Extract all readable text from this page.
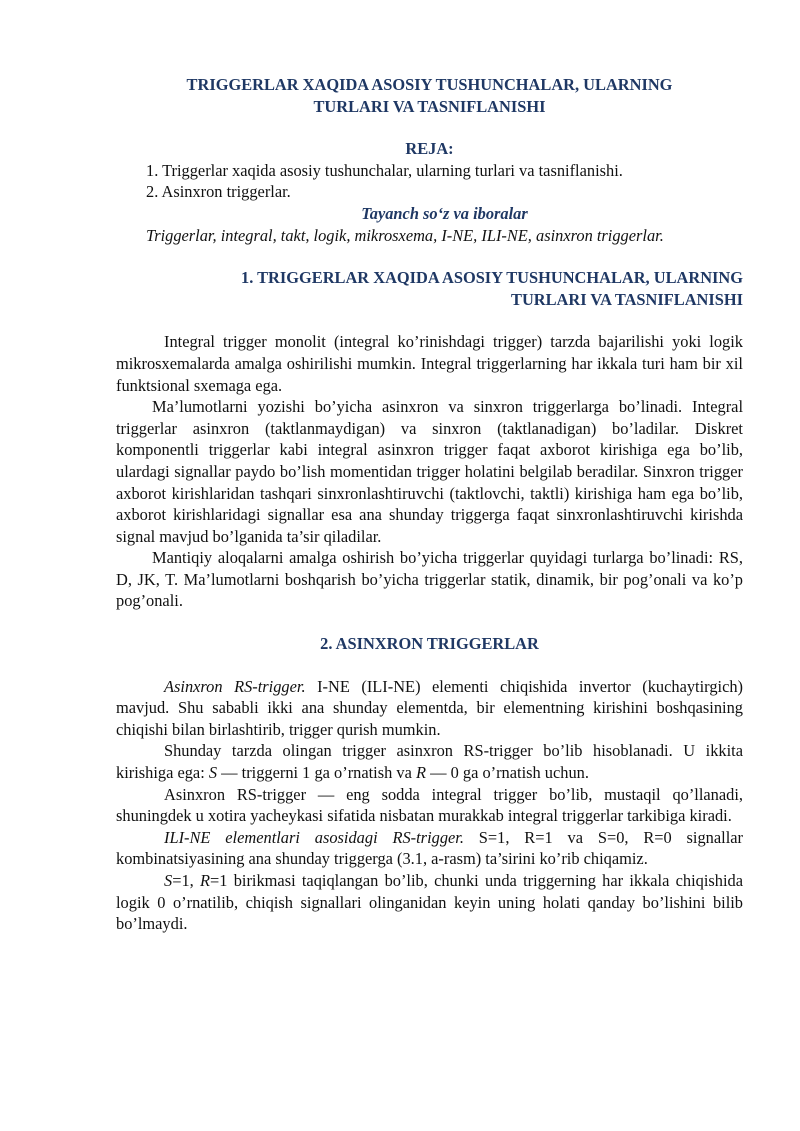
TRIGGERLAR XAQIDA ASOSIY TUSHUNCHALAR, ULARNING
TURLARI VA TASNIFLANISHI
REJA:

1. Triggerlar xaqida asosiy tushunchalar, ularning turlari va tasniflanishi.

2. Asinxron triggerlar.

Tayanch so‘z va iboralar

Triggerlar, integral, takt, logik, mikrosxema, I-NE, ILI-NE, asinxron triggerlar.

1. TRIGGERLAR XAQIDA ASOSIY TUSHUNCHALAR, ULARNING
TURLARI VA TASNIFLANISHI

Integral trigger monolit (integral ko’rinishdagi trigger) tarzda bajarilishi yoki logik mikrosxemalarda amalga oshirilishi mumkin. Integral triggerlarning har ikkala turi ham bir xil funktsional sxemaga ega.

Ma’lumotlarni yozishi bo’yicha asinxron va sinxron triggerlarga bo’linadi. Integral triggerlar asinxron (taktlanmaydigan) va sinxron (taktlanadigan) bo’ladilar. Diskret komponentli triggerlar kabi integral asinxron trigger faqat axborot kirishiga ega bo’lib, ulardagi signallar paydo bo’lish momentidan trigger holatini belgilab beradilar. Sinxron trigger axborot kirishlaridan tashqari sinxronlashtiruvchi (taktlovchi, taktli) kirishiga ham ega bo’lib, axborot kirishlaridagi signallar esa ana shunday triggerga faqat sinxronlashtiruvchi kirishda signal mavjud bo’lganida ta’sir qiladilar.

Mantiqiy aloqalarni amalga oshirish bo’yicha triggerlar quyidagi turlarga bo’linadi: RS, D, JK, T. Ma’lumotlarni boshqarish bo’yicha triggerlar statik, dinamik, bir pog’onali va ko’p pog’onali.

2. ASINXRON TRIGGERLAR

Asinxron RS-trigger. I-NE (ILI-NE) elementi chiqishida invertor (kuchaytirgich) mavjud. Shu sababli ikki ana shunday elementda, bir elementning kirishini boshqasining chiqishi bilan birlashtirib, trigger qurish mumkin.

Shunday tarzda olingan trigger asinxron RS-trigger bo’lib hisoblanadi. U ikkita kirishiga ega: S — triggerni 1 ga o’rnatish va R — 0 ga o’rnatish uchun.

Asinxron RS-trigger — eng sodda integral trigger bo’lib, mustaqil qo’llanadi, shuningdek u xotira yacheykasi sifatida nisbatan murakkab integral triggerlar tarkibiga kiradi.

ILI-NE elementlari asosidagi RS-trigger. S=1, R=1 va S=0, R=0 signallar kombinatsiyasining ana shunday triggerga (3.1, a-rasm) ta’sirini ko’rib chiqamiz.

S=1, R=1 birikmasi taqiqlangan bo’lib, chunki unda triggerning har ikkala chiqishida logik 0 o’rnatilib, chiqish signallari olinganidan keyin uning holati qanday bo’lishini bilib bo’lmaydi.
